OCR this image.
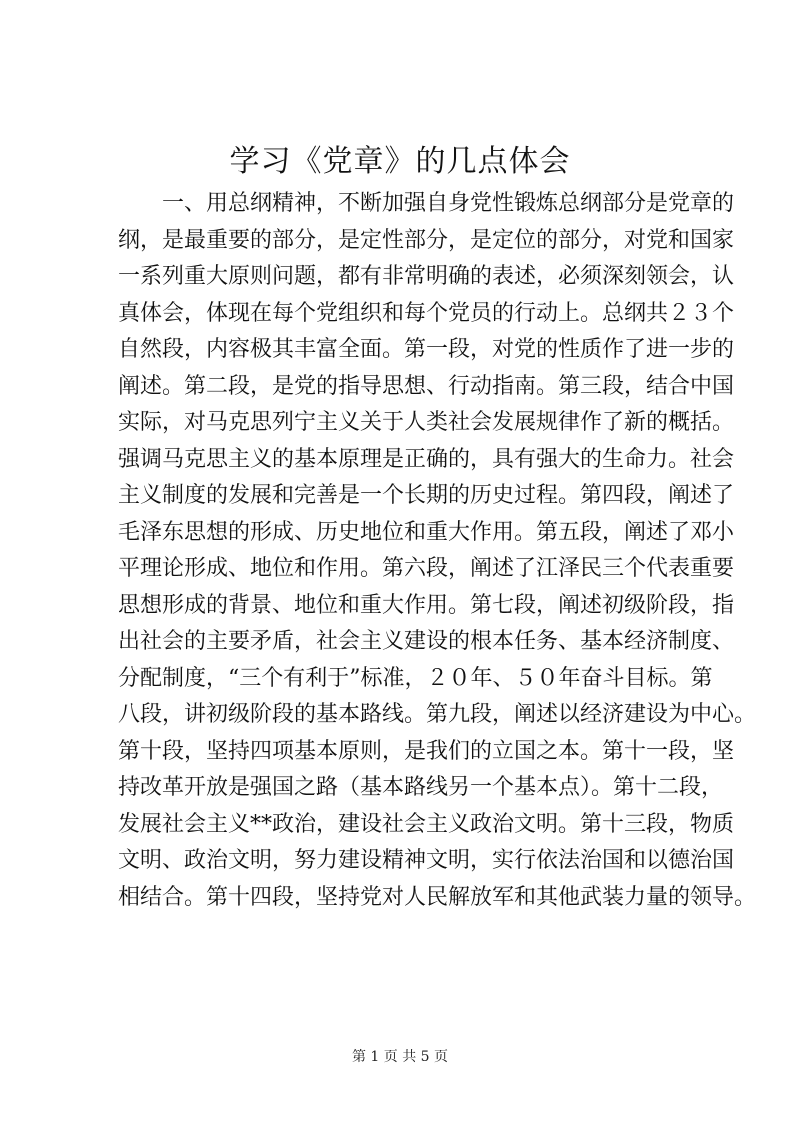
学习《党章》的几点体会
一、用总纲精神，不断加强自身党性锻炼总纲部分是党章的
纲，是最重要的部分，是定性部分，是定位的部分，对党和国家
一系列重大原则问题，都有非常明确的表述，必须深刻领会，认
真体会，体现在每个党组织和每个党员的行动上。总纲共２３个
自然段，内容极其丰富全面。第一段，对党的性质作了进一步的
阐述。第二段，是党的指导思想、行动指南。第三段，结合中国
实际，对马克思列宁主义关于人类社会发展规律作了新的概括。
强调马克思主义的基本原理是正确的，具有强大的生命力。社会
主义制度的发展和完善是一个长期的历史过程。第四段，阐述了
毛泽东思想的形成、历史地位和重大作用。第五段，阐述了邓小
平理论形成、地位和作用。第六段，阐述了江泽民三个代表重要
思想形成的背景、地位和重大作用。第七段，阐述初级阶段，指
出社会的主要矛盾，社会主义建设的根本任务、基本经济制度、
分配制度，“三个有利于”标准，２０年、５０年奋斗目标。第
八段，讲初级阶段的基本路线。第九段，阐述以经济建设为中心。
第十段，坚持四项基本原则，是我们的立国之本。第十一段，坚
持改革开放是强国之路（基本路线另一个基本点）。第十二段，
发展社会主义**政治，建设社会主义政治文明。第十三段，物质
文明、政治文明，努力建设精神文明，实行依法治国和以德治国
相结合。第十四段，坚持党对人民解放军和其他武装力量的领导。
第 1 页 共 5 页
